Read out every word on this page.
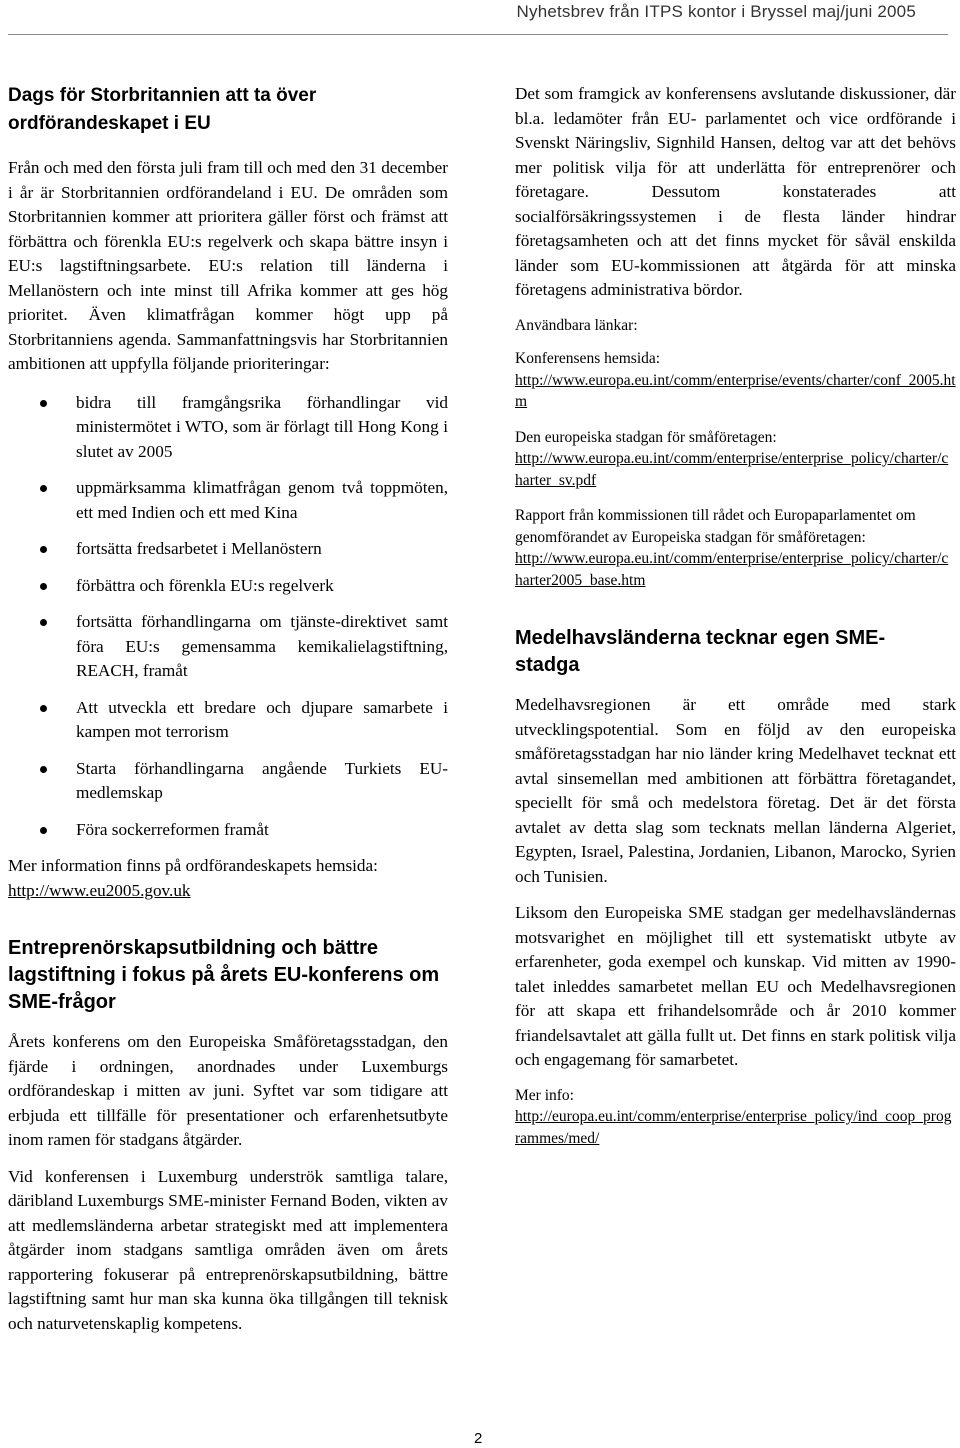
Nyhetsbrev från ITPS kontor i Bryssel maj/juni 2005
Dags för Storbritannien att ta över ordförandeskapet i EU

Från och med den första juli fram till och med den 31 december i år är Storbritannien ordförandeland i EU. De områden som Storbritannien kommer att prioritera gäller först och främst att förbättra och förenkla EU:s regelverk och skapa bättre insyn i EU:s lagstiftningsarbete. EU:s relation till länderna i Mellanöstern och inte minst till Afrika kommer att ges hög prioritet. Även klimatfrågan kommer högt upp på Storbritanniens agenda. Sammanfattningsvis har Storbritannien ambitionen att uppfylla följande prioriteringar:

bidra till framgångsrika förhandlingar vid ministermötet i WTO, som är förlagt till Hong Kong i slutet av 2005
uppmärksamma klimatfrågan genom två toppmöten, ett med Indien och ett med Kina
fortsätta fredsarbetet i Mellanöstern
förbättra och förenkla EU:s regelverk
fortsätta förhandlingarna om tjänste-direktivet samt föra EU:s gemensamma kemikalielagstiftning, REACH, framåt
Att utveckla ett bredare och djupare samarbete i kampen mot terrorism
Starta förhandlingarna angående Turkiets EU-medlemskap
Föra sockerreformen framåt

Mer information finns på ordförandeskapets hemsida:
http://www.eu2005.gov.uk

Entreprenörskapsutbildning och bättre lagstiftning i fokus på årets EU-konferens om SME-frågor

Årets konferens om den Europeiska Småföretagsstadgan, den fjärde i ordningen, anordnades under Luxemburgs ordförandeskap i mitten av juni. Syftet var som tidigare att erbjuda ett tillfälle för presentationer och erfarenhetsutbyte inom ramen för stadgans åtgärder.

Vid konferensen i Luxemburg underströk samtliga talare, däribland Luxemburgs SME-minister Fernand Boden, vikten av att medlemsländerna arbetar strategiskt med att implementera åtgärder inom stadgans samtliga områden även om årets rapportering fokuserar på entreprenörskapsutbildning, bättre lagstiftning samt hur man ska kunna öka tillgången till teknisk och naturvetenskaplig kompetens.

Det som framgick av konferensens avslutande diskussioner, där bl.a. ledamöter från EU- parlamentet och vice ordförande i Svenskt Näringsliv, Signhild Hansen, deltog var att det behövs mer politisk vilja för att underlätta för entreprenörer och företagare. Dessutom konstaterades att socialförsäkringssystemen i de flesta länder hindrar företagsamheten och att det finns mycket för såväl enskilda länder som EU-kommissionen att åtgärda för att minska företagens administrativa bördor.

Användbara länkar:

Konferensens hemsida:
http://www.europa.eu.int/comm/enterprise/events/charter/conf_2005.htm
Den europeiska stadgan för småföretagen:
http://www.europa.eu.int/comm/enterprise/enterprise_policy/charter/charter_sv.pdf
Rapport från kommissionen till rådet och Europaparlamentet om genomförandet av Europeiska stadgan för småföretagen:
http://www.europa.eu.int/comm/enterprise/enterprise_policy/charter/charter2005_base.htm
Medelhavsländerna tecknar egen SME-stadga

Medelhavsregionen är ett område med stark utvecklingspotential. Som en följd av den europeiska småföretagsstadgan har nio länder kring Medelhavet tecknat ett avtal sinsemellan med ambitionen att förbättra företagandet, speciellt för små och medelstora företag. Det är det första avtalet av detta slag som tecknats mellan länderna Algeriet, Egypten, Israel, Palestina, Jordanien, Libanon, Marocko, Syrien och Tunisien.

Liksom den Europeiska SME stadgan ger medelhavsländernas motsvarighet en möjlighet till ett systematiskt utbyte av erfarenheter, goda exempel och kunskap. Vid mitten av 1990-talet inleddes samarbetet mellan EU och Medelhavsregionen för att skapa ett frihandelsområde och år 2010 kommer friandelsavtalet att gälla fullt ut. Det finns en stark politisk vilja och engagemang för samarbetet.

Mer info:
http://europa.eu.int/comm/enterprise/enterprise_policy/ind_coop_programmes/med/
2
